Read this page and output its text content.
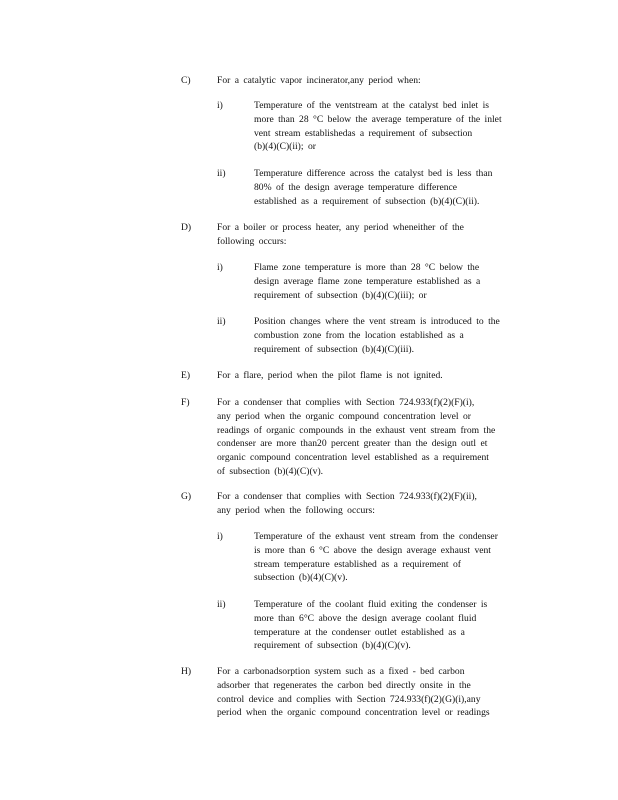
C)	For a catalytic vapor incinerator,any period when:
i)	Temperature of the ventstream at the catalyst bed inlet is
more than 28 °C below the average temperature of the inlet
vent stream establishedas a requirement of subsection
(b)(4)(C)(ii); or
ii)	Temperature difference across the catalyst bed is less than
80% of the design average temperature difference
established as a requirement of subsection (b)(4)(C)(ii).
D)	For a boiler or process heater, any period wheneither of the
following occurs:
i)	Flame zone temperature is more than 28 °C below the
design average flame zone temperature established as a
requirement of subsection (b)(4)(C)(iii); or
ii)	Position changes where the vent stream is introduced to the
combustion zone from the location established as a
requirement of subsection (b)(4)(C)(iii).
E)	For a flare, period when the pilot flame is not ignited.
F)	For a condenser that complies with Section 724.933(f)(2)(F)(i),
any period when the organic compound concentration level or
readings of organic compounds in the exhaust vent stream from the
condenser are more than20 percent greater than the design outl et
organic compound concentration level established as a requirement
of subsection (b)(4)(C)(v).
G)	For a condenser that complies with Section 724.933(f)(2)(F)(ii),
any period when the following occurs:
i)	Temperature of the exhaust vent stream from the condenser
is more than 6 °C above the design average exhaust vent
stream temperature established as a requirement of
subsection (b)(4)(C)(v).
ii)	Temperature of the coolant fluid exiting the condenser is
more than 6°C above the design average coolant fluid
temperature at the condenser outlet established as a
requirement of subsection (b)(4)(C)(v).
H)	For a carbonadsorption system such as a fixed - bed carbon
adsorber that regenerates the carbon bed directly onsite in the
control device and complies with Section 724.933(f)(2)(G)(i),any
period when the organic compound concentration level or readings
